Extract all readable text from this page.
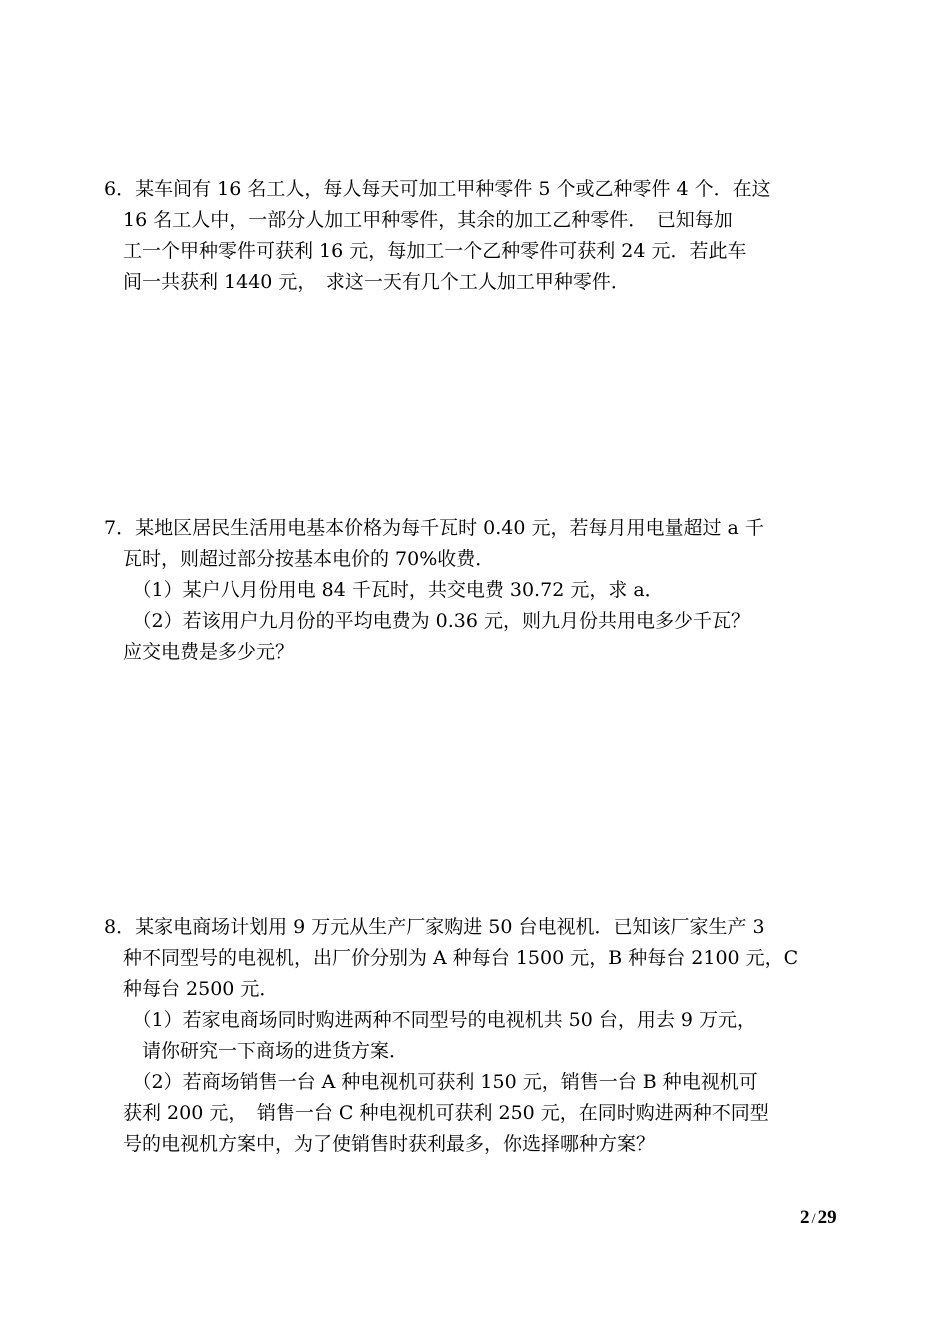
6．某车间有 16 名工人，每人每天可加工甲种零件 5 个或乙种零件 4 个．在这
　16 名工人中，一部分人加工甲种零件，其余的加工乙种零件．　已知每加
　工一个甲种零件可获利 16 元，每加工一个乙种零件可获利 24 元．若此车
　间一共获利 1440 元，　求这一天有几个工人加工甲种零件．
7．某地区居民生活用电基本价格为每千瓦时 0.40 元，若每月用电量超过 a 千
　瓦时，则超过部分按基本电价的 70%收费．
　　（1）某户八月份用电 84 千瓦时，共交电费 30.72 元，求 a．
　　（2）若该用户九月份的平均电费为 0.36 元，则九月份共用电多少千瓦？
　应交电费是多少元？
8．某家电商场计划用 9 万元从生产厂家购进 50 台电视机．已知该厂家生产 3
　种不同型号的电视机，出厂价分别为 A 种每台 1500 元，B 种每台 2100 元，C
　种每台 2500 元．
　　（1）若家电商场同时购进两种不同型号的电视机共 50 台，用去 9 万元，
　　请你研究一下商场的进货方案．
　　（2）若商场销售一台 A 种电视机可获利 150 元，销售一台 B 种电视机可
　获利 200 元，　销售一台 C 种电视机可获利 250 元，在同时购进两种不同型
　号的电视机方案中，为了使销售时获利最多，你选择哪种方案？
2 / 29
